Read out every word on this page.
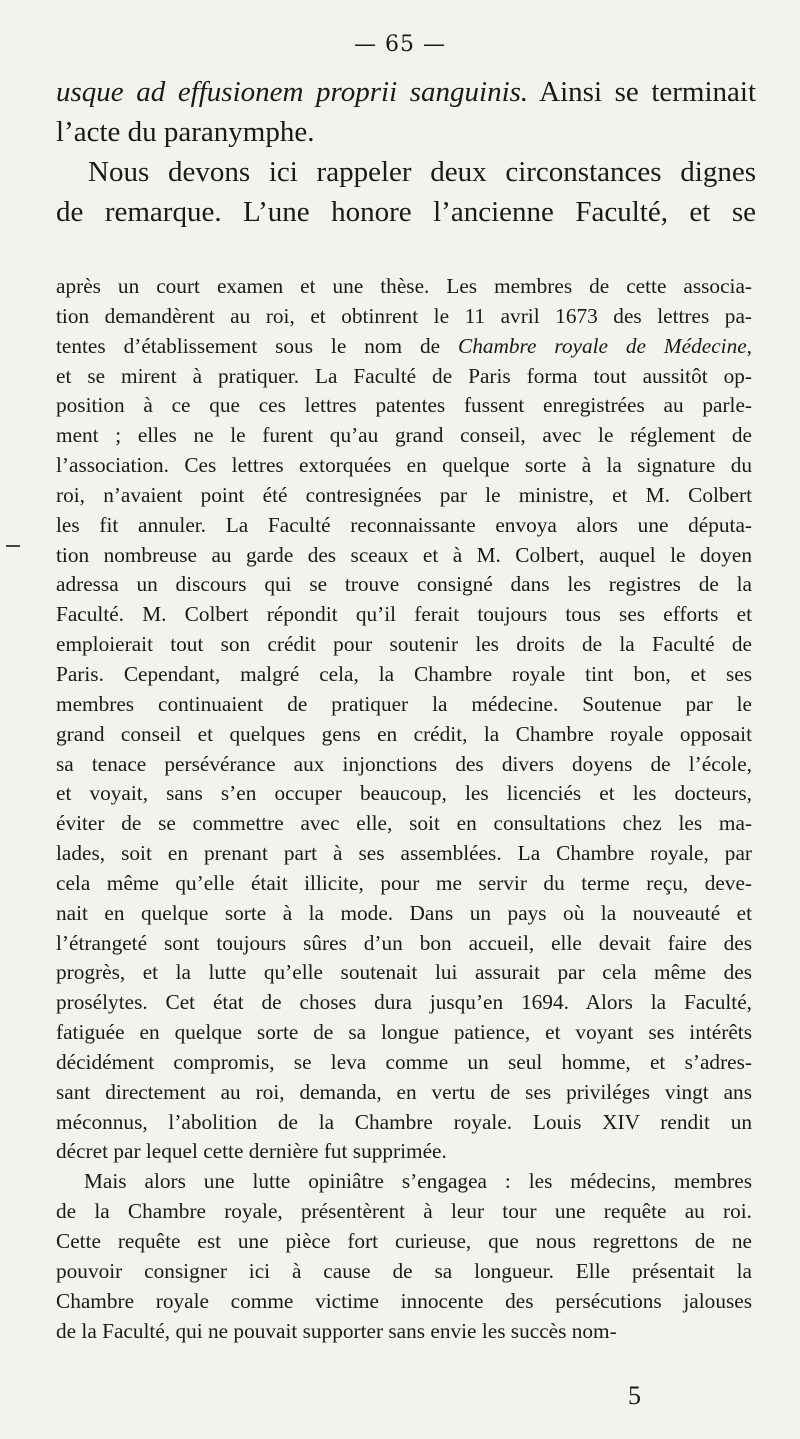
— 65 —
usque ad effusionem proprii sanguinis. Ainsi se terminait
l’acte du paranymphe.
Nous devons ici rappeler deux circonstances dignes
de remarque. L’une honore l’ancienne Faculté, et se
après un court examen et une thèse. Les membres de cette associa-
tion demandèrent au roi, et obtinrent le 11 avril 1673 des lettres pa-
tentes d’établissement sous le nom de Chambre royale de Médecine,
et se mirent à pratiquer. La Faculté de Paris forma tout aussitôt op-
position à ce que ces lettres patentes fussent enregistrées au parle-
ment ; elles ne le furent qu’au grand conseil, avec le réglement de
l’association. Ces lettres extorquées en quelque sorte à la signature du
roi, n’avaient point été contresignées par le ministre, et M. Colbert
les fit annuler. La Faculté reconnaissante envoya alors une députa-
tion nombreuse au garde des sceaux et à M. Colbert, auquel le doyen
adressa un discours qui se trouve consigné dans les registres de la
Faculté. M. Colbert répondit qu’il ferait toujours tous ses efforts et
emploierait tout son crédit pour soutenir les droits de la Faculté de
Paris. Cependant, malgré cela, la Chambre royale tint bon, et ses
membres continuaient de pratiquer la médecine. Soutenue par le
grand conseil et quelques gens en crédit, la Chambre royale opposait
sa tenace persévérance aux injonctions des divers doyens de l’école,
et voyait, sans s’en occuper beaucoup, les licenciés et les docteurs,
éviter de se commettre avec elle, soit en consultations chez les ma-
lades, soit en prenant part à ses assemblées. La Chambre royale, par
cela même qu’elle était illicite, pour me servir du terme reçu, deve-
nait en quelque sorte à la mode. Dans un pays où la nouveauté et
l’étrangeté sont toujours sûres d’un bon accueil, elle devait faire des
progrès, et la lutte qu’elle soutenait lui assurait par cela même des
prosélytes. Cet état de choses dura jusqu’en 1694. Alors la Faculté,
fatiguée en quelque sorte de sa longue patience, et voyant ses intérêts
décidément compromis, se leva comme un seul homme, et s’adres-
sant directement au roi, demanda, en vertu de ses priviléges vingt ans
méconnus, l’abolition de la Chambre royale. Louis XIV rendit un
décret par lequel cette dernière fut supprimée.
Mais alors une lutte opiniâtre s’engagea : les médecins, membres
de la Chambre royale, présentèrent à leur tour une requête au roi.
Cette requête est une pièce fort curieuse, que nous regrettons de ne
pouvoir consigner ici à cause de sa longueur. Elle présentait la
Chambre royale comme victime innocente des persécutions jalouses
de la Faculté, qui ne pouvait supporter sans envie les succès nom-
5
